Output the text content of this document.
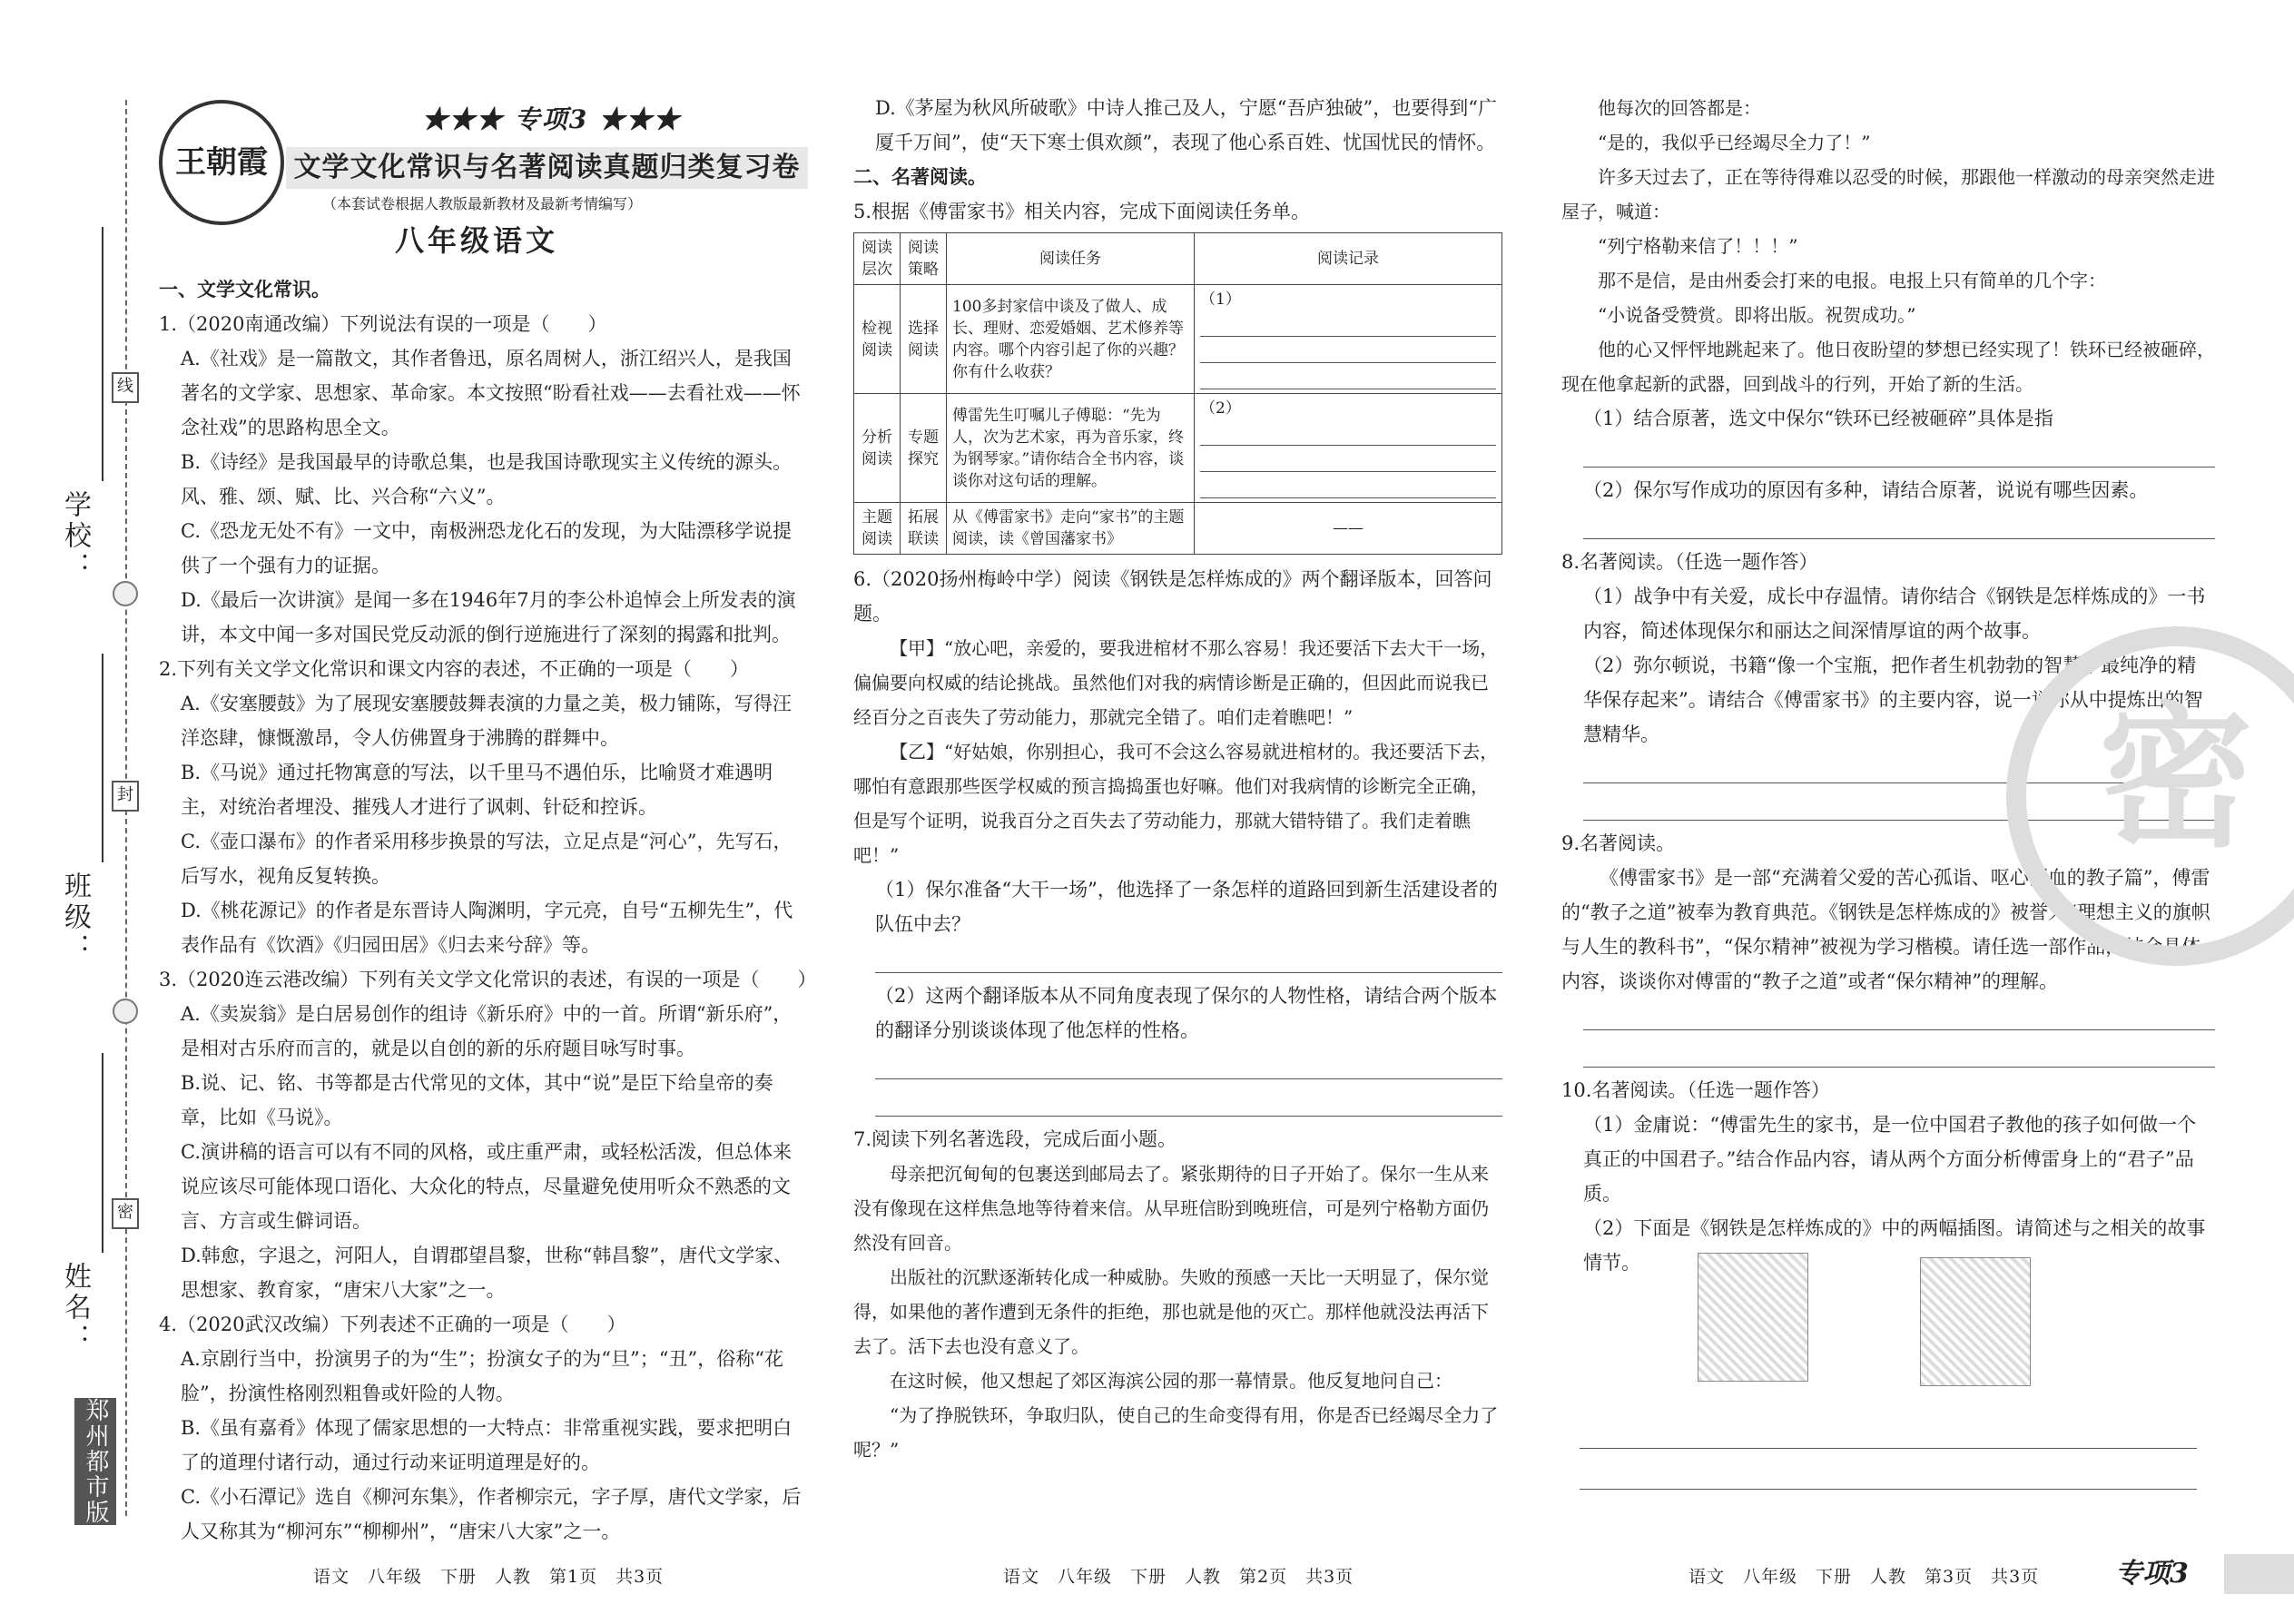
学校：
班级：
姓名：
线
封
密
郑州都市版
王朝霞
★★★ 专项3 ★★★
文学文化常识与名著阅读真题归类复习卷
（本套试卷根据人教版最新教材及最新考情编写）
八年级语文

一、文学文化常识。

1.（2020南通改编）下列说法有误的一项是（　　）

A.《社戏》是一篇散文，其作者鲁迅，原名周树人，浙江绍兴人，是我国著名的文学家、思想家、革命家。本文按照“盼看社戏——去看社戏——怀念社戏”的思路构思全文。

B.《诗经》是我国最早的诗歌总集，也是我国诗歌现实主义传统的源头。风、雅、颂、赋、比、兴合称“六义”。

C.《恐龙无处不有》一文中，南极洲恐龙化石的发现，为大陆漂移学说提供了一个强有力的证据。

D.《最后一次讲演》是闻一多在1946年7月的李公朴追悼会上所发表的演讲，本文中闻一多对国民党反动派的倒行逆施进行了深刻的揭露和批判。

2.下列有关文学文化常识和课文内容的表述，不正确的一项是（　　）

A.《安塞腰鼓》为了展现安塞腰鼓舞表演的力量之美，极力铺陈，写得汪洋恣肆，慷慨激昂，令人仿佛置身于沸腾的群舞中。

B.《马说》通过托物寓意的写法，以千里马不遇伯乐，比喻贤才难遇明主，对统治者埋没、摧残人才进行了讽刺、针砭和控诉。

C.《壶口瀑布》的作者采用移步换景的写法，立足点是“河心”，先写石，后写水，视角反复转换。

D.《桃花源记》的作者是东晋诗人陶渊明，字元亮，自号“五柳先生”，代表作品有《饮酒》《归园田居》《归去来兮辞》等。

3.（2020连云港改编）下列有关文学文化常识的表述，有误的一项是（　　）

A.《卖炭翁》是白居易创作的组诗《新乐府》中的一首。所谓“新乐府”，是相对古乐府而言的，就是以自创的新的乐府题目咏写时事。

B.说、记、铭、书等都是古代常见的文体，其中“说”是臣下给皇帝的奏章，比如《马说》。

C.演讲稿的语言可以有不同的风格，或庄重严肃，或轻松活泼，但总体来说应该尽可能体现口语化、大众化的特点，尽量避免使用听众不熟悉的文言、方言或生僻词语。

D.韩愈，字退之，河阳人，自谓郡望昌黎，世称“韩昌黎”，唐代文学家、思想家、教育家，“唐宋八大家”之一。

4.（2020武汉改编）下列表述不正确的一项是（　　）

A.京剧行当中，扮演男子的为“生”；扮演女子的为“旦”；“丑”，俗称“花脸”，扮演性格刚烈粗鲁或奸险的人物。

B.《虽有嘉肴》体现了儒家思想的一大特点：非常重视实践，要求把明白了的道理付诸行动，通过行动来证明道理是好的。

C.《小石潭记》选自《柳河东集》，作者柳宗元，字子厚，唐代文学家，后人又称其为“柳河东”“柳柳州”，“唐宋八大家”之一。

D.《茅屋为秋风所破歌》中诗人推己及人，宁愿“吾庐独破”，也要得到“广厦千万间”，使“天下寒士俱欢颜”，表现了他心系百姓、忧国忧民的情怀。

二、名著阅读。

5.根据《傅雷家书》相关内容，完成下面阅读任务单。

阅读层次	阅读策略	阅读任务	阅读记录
检视阅读	选择阅读	100多封家信中谈及了做人、成长、理财、恋爱婚姻、艺术修养等内容。哪个内容引起了你的兴趣？你有什么收获？	（1）

分析阅读	专题探究	傅雷先生叮嘱儿子傅聪：“先为人，次为艺术家，再为音乐家，终为钢琴家。”请你结合全书内容，谈谈你对这句话的理解。	（2）

主题阅读	拓展联读	从《傅雷家书》走向“家书”的主题阅读，读《曾国藩家书》	——

6.（2020扬州梅岭中学）阅读《钢铁是怎样炼成的》两个翻译版本，回答问题。

【甲】“放心吧，亲爱的，要我进棺材不那么容易！我还要活下去大干一场，偏偏要向权威的结论挑战。虽然他们对我的病情诊断是正确的，但因此而说我已经百分之百丧失了劳动能力，那就完全错了。咱们走着瞧吧！”

【乙】“好姑娘，你别担心，我可不会这么容易就进棺材的。我还要活下去，哪怕有意跟那些医学权威的预言捣捣蛋也好嘛。他们对我病情的诊断完全正确，但是写个证明，说我百分之百失去了劳动能力，那就大错特错了。我们走着瞧吧！”

（1）保尔准备“大干一场”，他选择了一条怎样的道路回到新生活建设者的队伍中去？

（2）这两个翻译版本从不同角度表现了保尔的人物性格，请结合两个版本的翻译分别谈谈体现了他怎样的性格。

7.阅读下列名著选段，完成后面小题。

母亲把沉甸甸的包裹送到邮局去了。紧张期待的日子开始了。保尔一生从来没有像现在这样焦急地等待着来信。从早班信盼到晚班信，可是列宁格勒方面仍然没有回音。

出版社的沉默逐渐转化成一种威胁。失败的预感一天比一天明显了，保尔觉得，如果他的著作遭到无条件的拒绝，那也就是他的灭亡。那样他就没法再活下去了。活下去也没有意义了。

在这时候，他又想起了郊区海滨公园的那一幕情景。他反复地问自己：

“为了挣脱铁环，争取归队，使自己的生命变得有用，你是否已经竭尽全力了呢？”

他每次的回答都是：

“是的，我似乎已经竭尽全力了！”

许多天过去了，正在等待得难以忍受的时候，那跟他一样激动的母亲突然走进屋子，喊道：

“列宁格勒来信了！！！”

那不是信，是由州委会打来的电报。电报上只有简单的几个字：

“小说备受赞赏。即将出版。祝贺成功。”

他的心又怦怦地跳起来了。他日夜盼望的梦想已经实现了！铁环已经被砸碎，现在他拿起新的武器，回到战斗的行列，开始了新的生活。

（1）结合原著，选文中保尔“铁环已经被砸碎”具体是指

（2）保尔写作成功的原因有多种，请结合原著，说说有哪些因素。

8.名著阅读。（任选一题作答）

（1）战争中有关爱，成长中存温情。请你结合《钢铁是怎样炼成的》一书内容，简述体现保尔和丽达之间深情厚谊的两个故事。

（2）弥尔顿说，书籍“像一个宝瓶，把作者生机勃勃的智慧中最纯净的精华保存起来”。请结合《傅雷家书》的主要内容，说一说你从中提炼出的智慧精华。

9.名著阅读。

《傅雷家书》是一部“充满着父爱的苦心孤诣、呕心沥血的教子篇”，傅雷的“教子之道”被奉为教育典范。《钢铁是怎样炼成的》被誉为“理想主义的旗帜与人生的教科书”，“保尔精神”被视为学习楷模。请任选一部作品，结合具体内容，谈谈你对傅雷的“教子之道”或者“保尔精神”的理解。

10.名著阅读。（任选一题作答）

（1）金庸说：“傅雷先生的家书，是一位中国君子教他的孩子如何做一个真正的中国君子。”结合作品内容，请从两个方面分析傅雷身上的“君子”品质。

（2）下面是《钢铁是怎样炼成的》中的两幅插图。请简述与之相关的故事情节。

密
语文　八年级　下册　人教　第1页　共3页	语文　八年级　下册　人教　第2页　共3页	语文　八年级　下册　人教　第3页　共3页	专项3
